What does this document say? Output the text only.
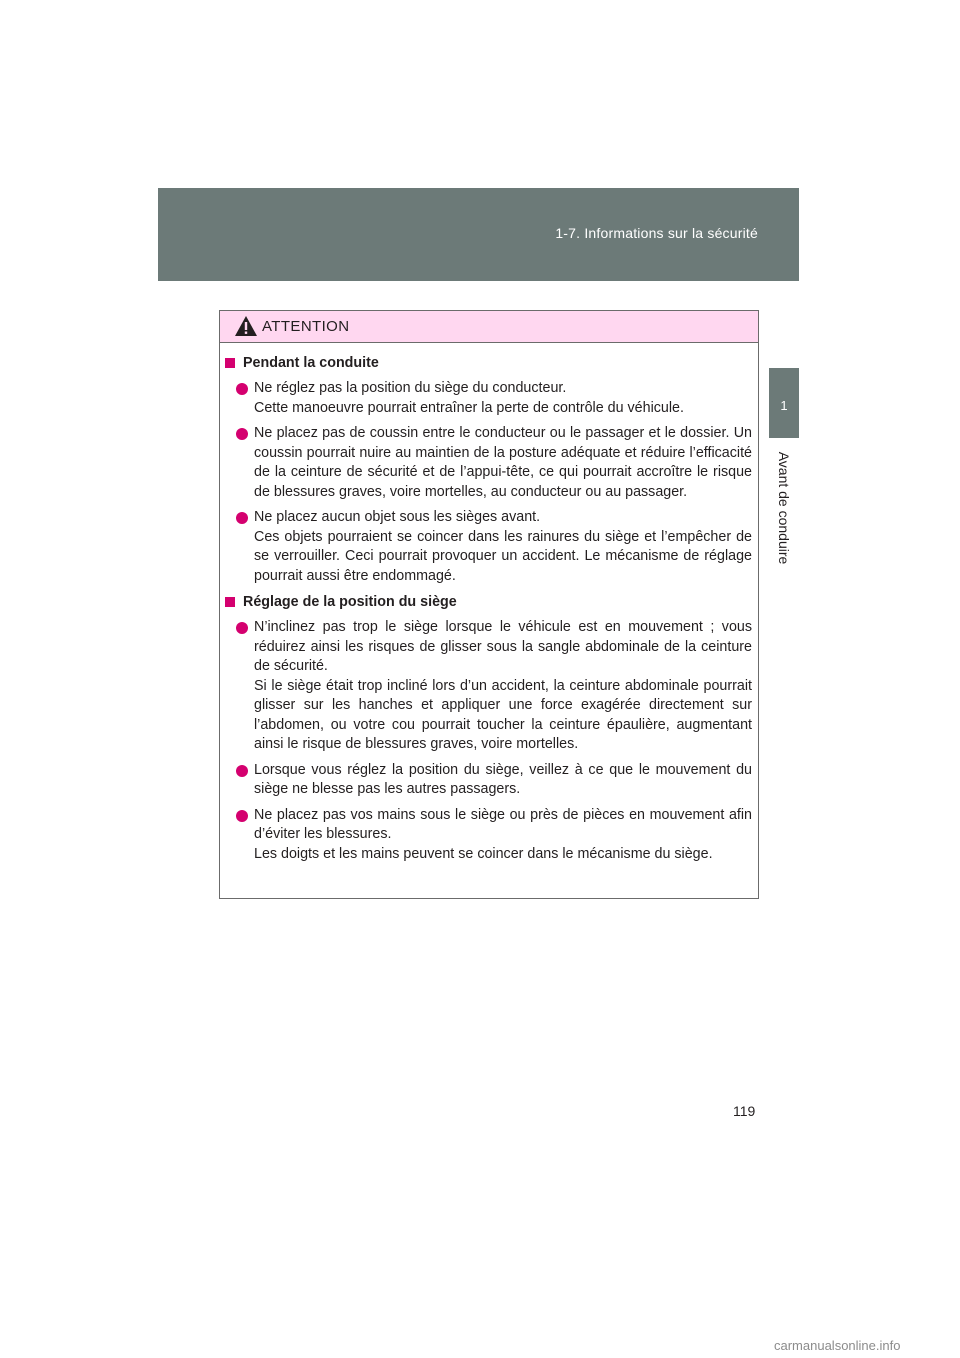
1-7. Informations sur la sécurité
1
Avant de conduire
ATTENTION
Pendant la conduite
Ne réglez pas la position du siège du conducteur.
Cette manoeuvre pourrait entraîner la perte de contrôle du véhicule.
Ne placez pas de coussin entre le conducteur ou le passager et le dossier. Un coussin pourrait nuire au maintien de la posture adéquate et réduire l’efficacité de la ceinture de sécurité et de l’appui-tête, ce qui pourrait accroître le risque de blessures graves, voire mortelles, au conducteur ou au passager.
Ne placez aucun objet sous les sièges avant.
Ces objets pourraient se coincer dans les rainures du siège et l’empêcher de se verrouiller. Ceci pourrait provoquer un accident. Le mécanisme de réglage pourrait aussi être endommagé.
Réglage de la position du siège
N’inclinez pas trop le siège lorsque le véhicule est en mouvement ; vous réduirez ainsi les risques de glisser sous la sangle abdominale de la ceinture de sécurité.
Si le siège était trop incliné lors d’un accident, la ceinture abdominale pourrait glisser sur les hanches et appliquer une force exagérée directement sur l’abdomen, ou votre cou pourrait toucher la ceinture épaulière, augmentant ainsi le risque de blessures graves, voire mortelles.
Lorsque vous réglez la position du siège, veillez à ce que le mouvement du siège ne blesse pas les autres passagers.
Ne placez pas vos mains sous le siège ou près de pièces en mouvement afin d’éviter les blessures.
Les doigts et les mains peuvent se coincer dans le mécanisme du siège.
119
carmanualsonline.info
